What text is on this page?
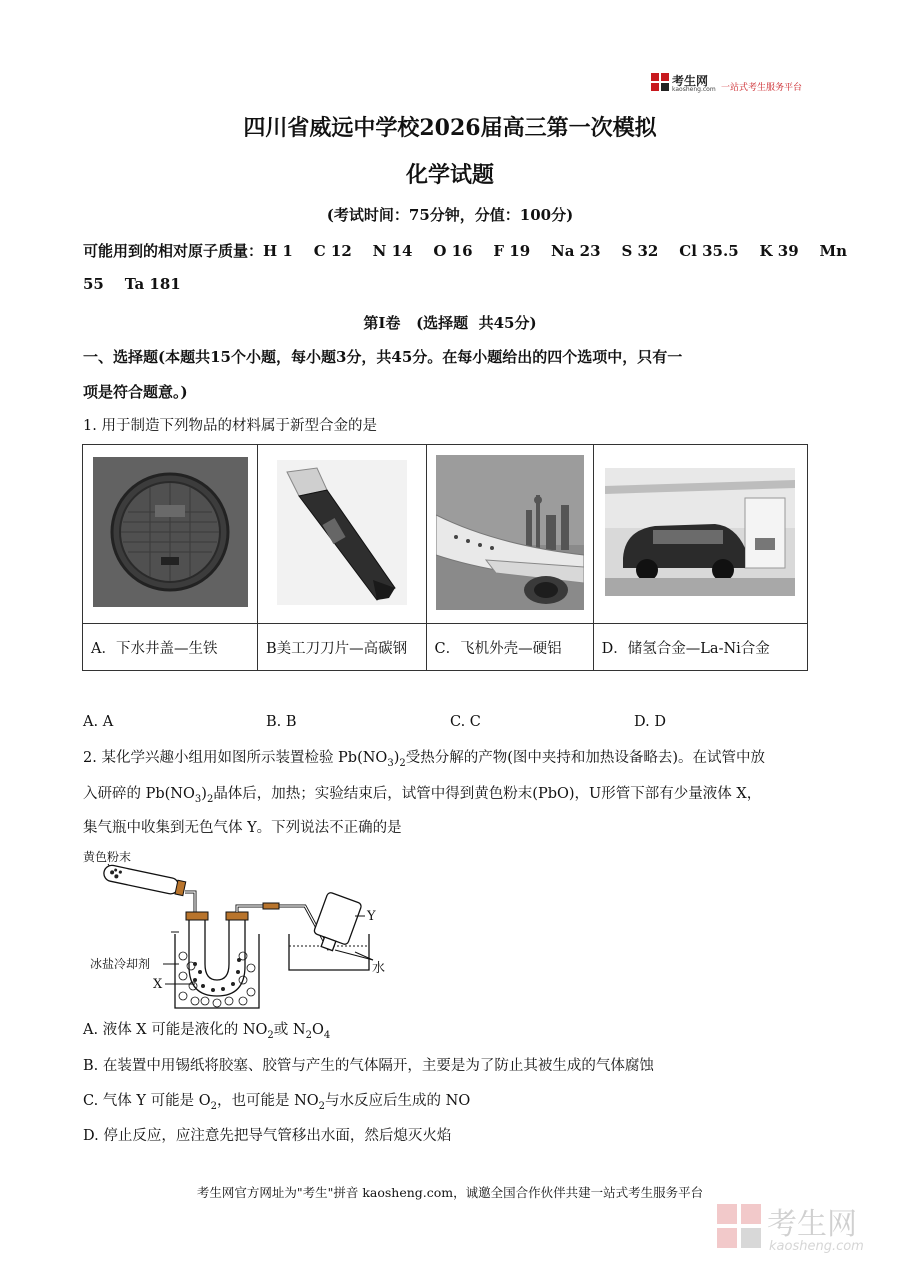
考生网
kaosheng.com 一站式考生服务平台
四川省威远中学校2026届高三第一次模拟
化学试题
(考试时间：75分钟，分值：100分)
可能用到的相对原子质量：H 1    C 12    N 14    O 16    F 19    Na 23    S 32    Cl 35.5    K 39    Mn
55    Ta 181
第Ⅰ卷   (选择题  共45分)
一、选择题(本题共15个小题，每小题3分，共45分。在每小题给出的四个选项中，只有一
项是符合题意。)
1. 用于制造下列物品的材料属于新型合金的是

A．下水井盖—生铁	B美工刀刀片—高碳钢	C．飞机外壳—硬铝	D．储氢合金—La-Ni合金
A. A	B. B	C. C	D. D
2. 某化学兴趣小组用如图所示装置检验 $Pb(NO_3)_2$受热分解的产物(图中夹持和加热设备略去)。在试管中放
入研碎的 $Pb(NO_3)_2$晶体后，加热；实验结束后，试管中得到黄色粉末(PbO)，U形管下部有少量液体 X，
集气瓶中收集到无色气体 Y。下列说法不正确的是
黄色粉末
Y
水
冰盐冷却剂
X
A. 液体 X 可能是液化的 $NO_2$或 $N_2O_4$
B. 在装置中用锡纸将胶塞、胶管与产生的气体隔开，主要是为了防止其被生成的气体腐蚀
C. 气体 Y 可能是 $O_2$，也可能是 $NO_2$与水反应后生成的 NO
D. 停止反应，应注意先把导气管移出水面，然后熄灭火焰
考生网官方网址为"考生"拼音 kaosheng.com，诚邀全国合作伙伴共建一站式考生服务平台
考生网
kaosheng.com
